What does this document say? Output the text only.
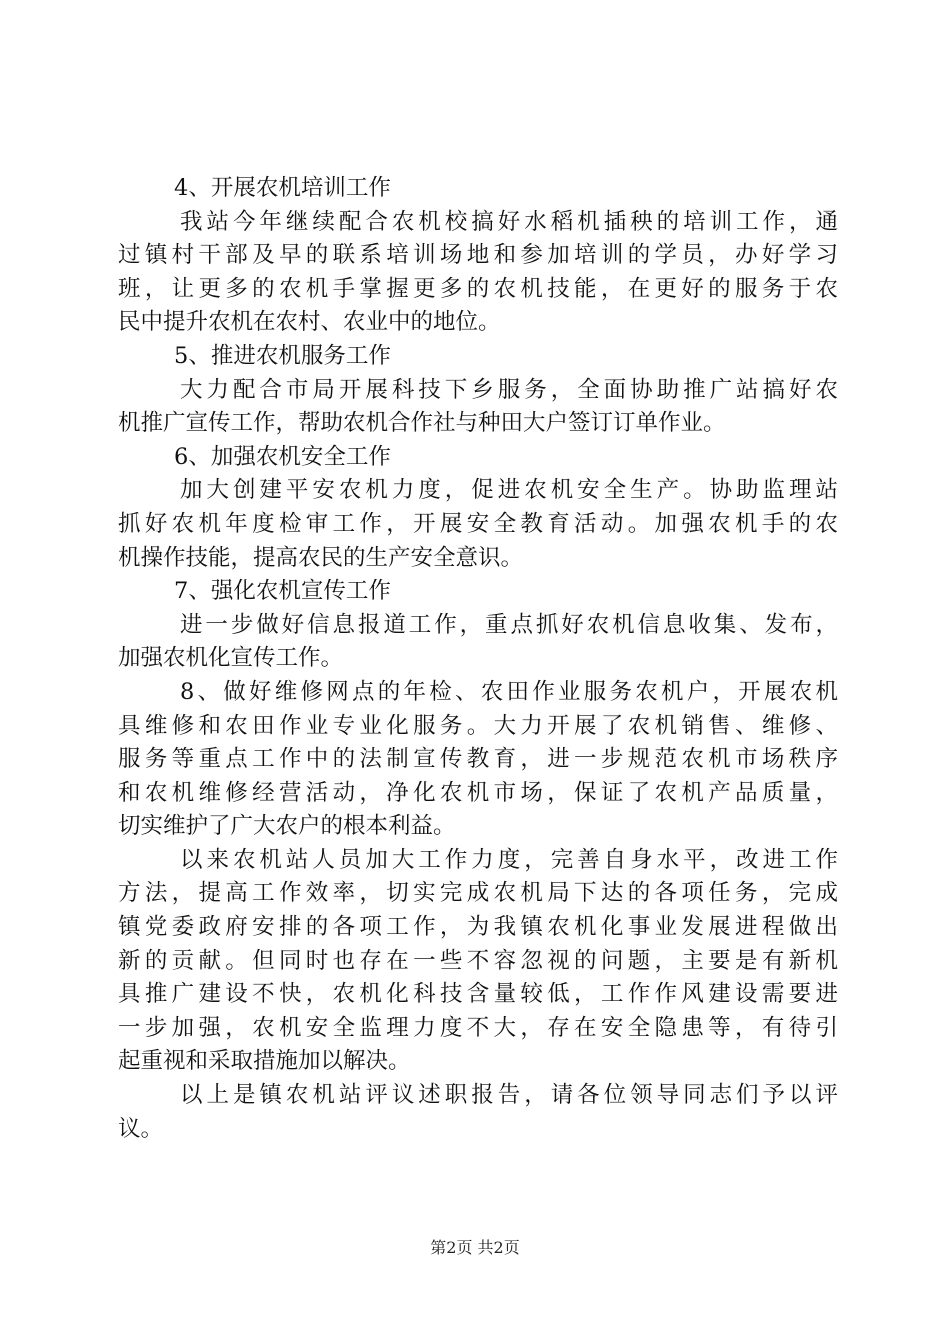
4、开展农机培训工作
我站今年继续配合农机校搞好水稻机插秧的培训工作，通
过镇村干部及早的联系培训场地和参加培训的学员，办好学习
班，让更多的农机手掌握更多的农机技能，在更好的服务于农
民中提升农机在农村、农业中的地位。
5、推进农机服务工作
大力配合市局开展科技下乡服务，全面协助推广站搞好农
机推广宣传工作，帮助农机合作社与种田大户签订订单作业。
6、加强农机安全工作
加大创建平安农机力度，促进农机安全生产。协助监理站
抓好农机年度检审工作，开展安全教育活动。加强农机手的农
机操作技能，提高农民的生产安全意识。
7、强化农机宣传工作
进一步做好信息报道工作，重点抓好农机信息收集、发布，
加强农机化宣传工作。
8、做好维修网点的年检、农田作业服务农机户，开展农机
具维修和农田作业专业化服务。大力开展了农机销售、维修、
服务等重点工作中的法制宣传教育，进一步规范农机市场秩序
和农机维修经营活动，净化农机市场，保证了农机产品质量，
切实维护了广大农户的根本利益。
以来农机站人员加大工作力度，完善自身水平，改进工作
方法，提高工作效率，切实完成农机局下达的各项任务，完成
镇党委政府安排的各项工作，为我镇农机化事业发展进程做出
新的贡献。但同时也存在一些不容忽视的问题，主要是有新机
具推广建设不快，农机化科技含量较低，工作作风建设需要进
一步加强，农机安全监理力度不大，存在安全隐患等，有待引
起重视和采取措施加以解决。
以上是镇农机站评议述职报告，请各位领导同志们予以评
议。
第2页 共2页
